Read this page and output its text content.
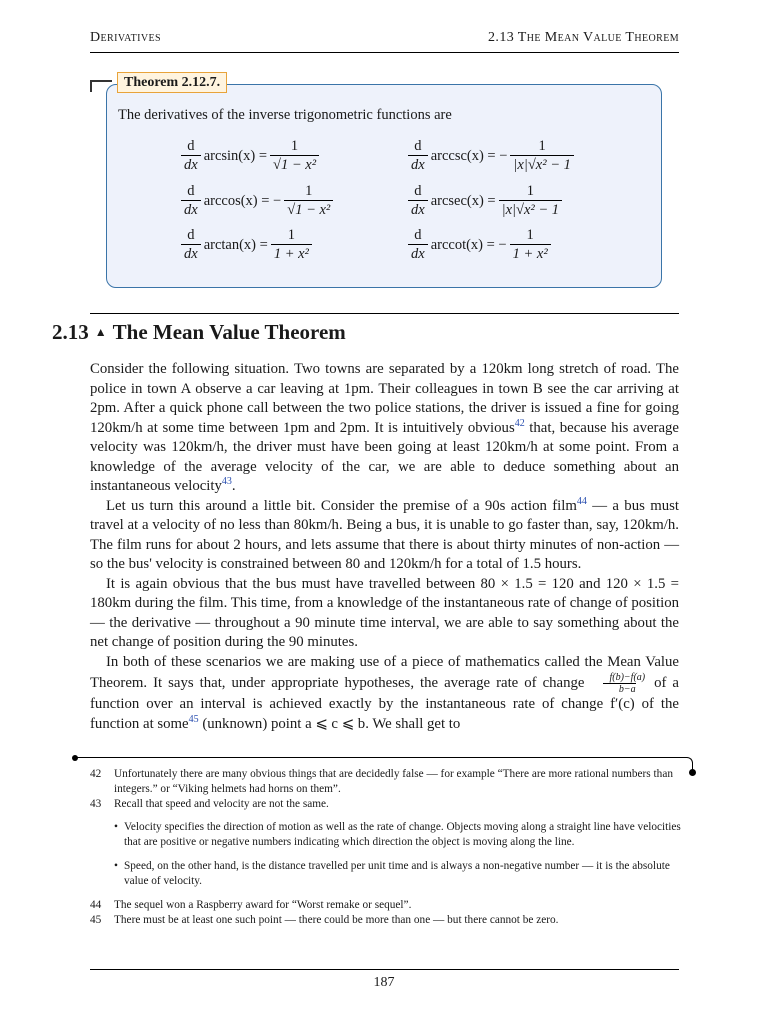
Derivatives	2.13 The Mean Value Theorem
Theorem 2.12.7.
The derivatives of the inverse trigonometric functions are
$\frac{d}{dx} \arcsin(x) = \frac{1}{\text{√1 − x²}}$	$\frac{d}{dx} arccsc(x)$ = − $\frac{1}{\text{|x|√x² − 1}}$
$\frac{d}{dx} \arccos(x)$ = − $\frac{1}{\text{√1 − x²}}$	$\frac{d}{dx} arcsec(x) = \frac{1}{\text{|x|√x² − 1}}$
$\frac{d}{dx} \arctan(x) = \frac{1}{\text{1 + x²}}$	$\frac{d}{dx} arccot(x)$ = − $\frac{1}{\text{1 + x²}}$
2.13 ▲ The Mean Value Theorem

Consider the following situation. Two towns are separated by a 120km long stretch of road. The police in town A observe a car leaving at 1pm. Their colleagues in town B see the car arriving at 2pm. After a quick phone call between the two police stations, the driver is issued a fine for going 120km/h at some time between 1pm and 2pm. It is intuitively obvious$^{42}$ that, because his average velocity was 120km/h, the driver must have been going at least 120km/h at some point. From a knowledge of the average velocity of the car, we are able to deduce something about an instantaneous velocity$^{43}$.

Let us turn this around a little bit. Consider the premise of a 90s action film$^{44}$ — a bus must travel at a velocity of no less than 80km/h. Being a bus, it is unable to go faster than, say, 120km/h. The film runs for about 2 hours, and lets assume that there is about thirty minutes of non-action — so the bus' velocity is constrained between 80 and 120km/h for a total of 1.5 hours.

It is again obvious that the bus must have travelled between 80 × 1.5 = 120 and 120 × 1.5 = 180km during the film. This time, from a knowledge of the instantaneous rate of change of position — the derivative — throughout a 90 minute time interval, we are able to say something about the net change of position during the 90 minutes.

In both of these scenarios we are making use of a piece of mathematics called the Mean Value Theorem. It says that, under appropriate hypotheses, the average rate of change $\frac{f(b)-f(a)}{b-a}$ of a function over an interval is achieved exactly by the instantaneous rate of change f′(c) of the function at some$^{45}$ (unknown) point a ⩽ c ⩽ b. We shall get to

42	Unfortunately there are many obvious things that are decidedly false — for example “There are more rational numbers than integers.” or “Viking helmets had horns on them”.
43	Recall that speed and velocity are not the same.
• Velocity specifies the direction of motion as well as the rate of change. Objects moving along a straight line have velocities that are positive or negative numbers indicating which direction the object is moving along the line.
• Speed, on the other hand, is the distance travelled per unit time and is always a non-negative number — it is the absolute value of velocity.
44	The sequel won a Raspberry award for “Worst remake or sequel”.
45	There must be at least one such point — there could be more than one — but there cannot be zero.
187
